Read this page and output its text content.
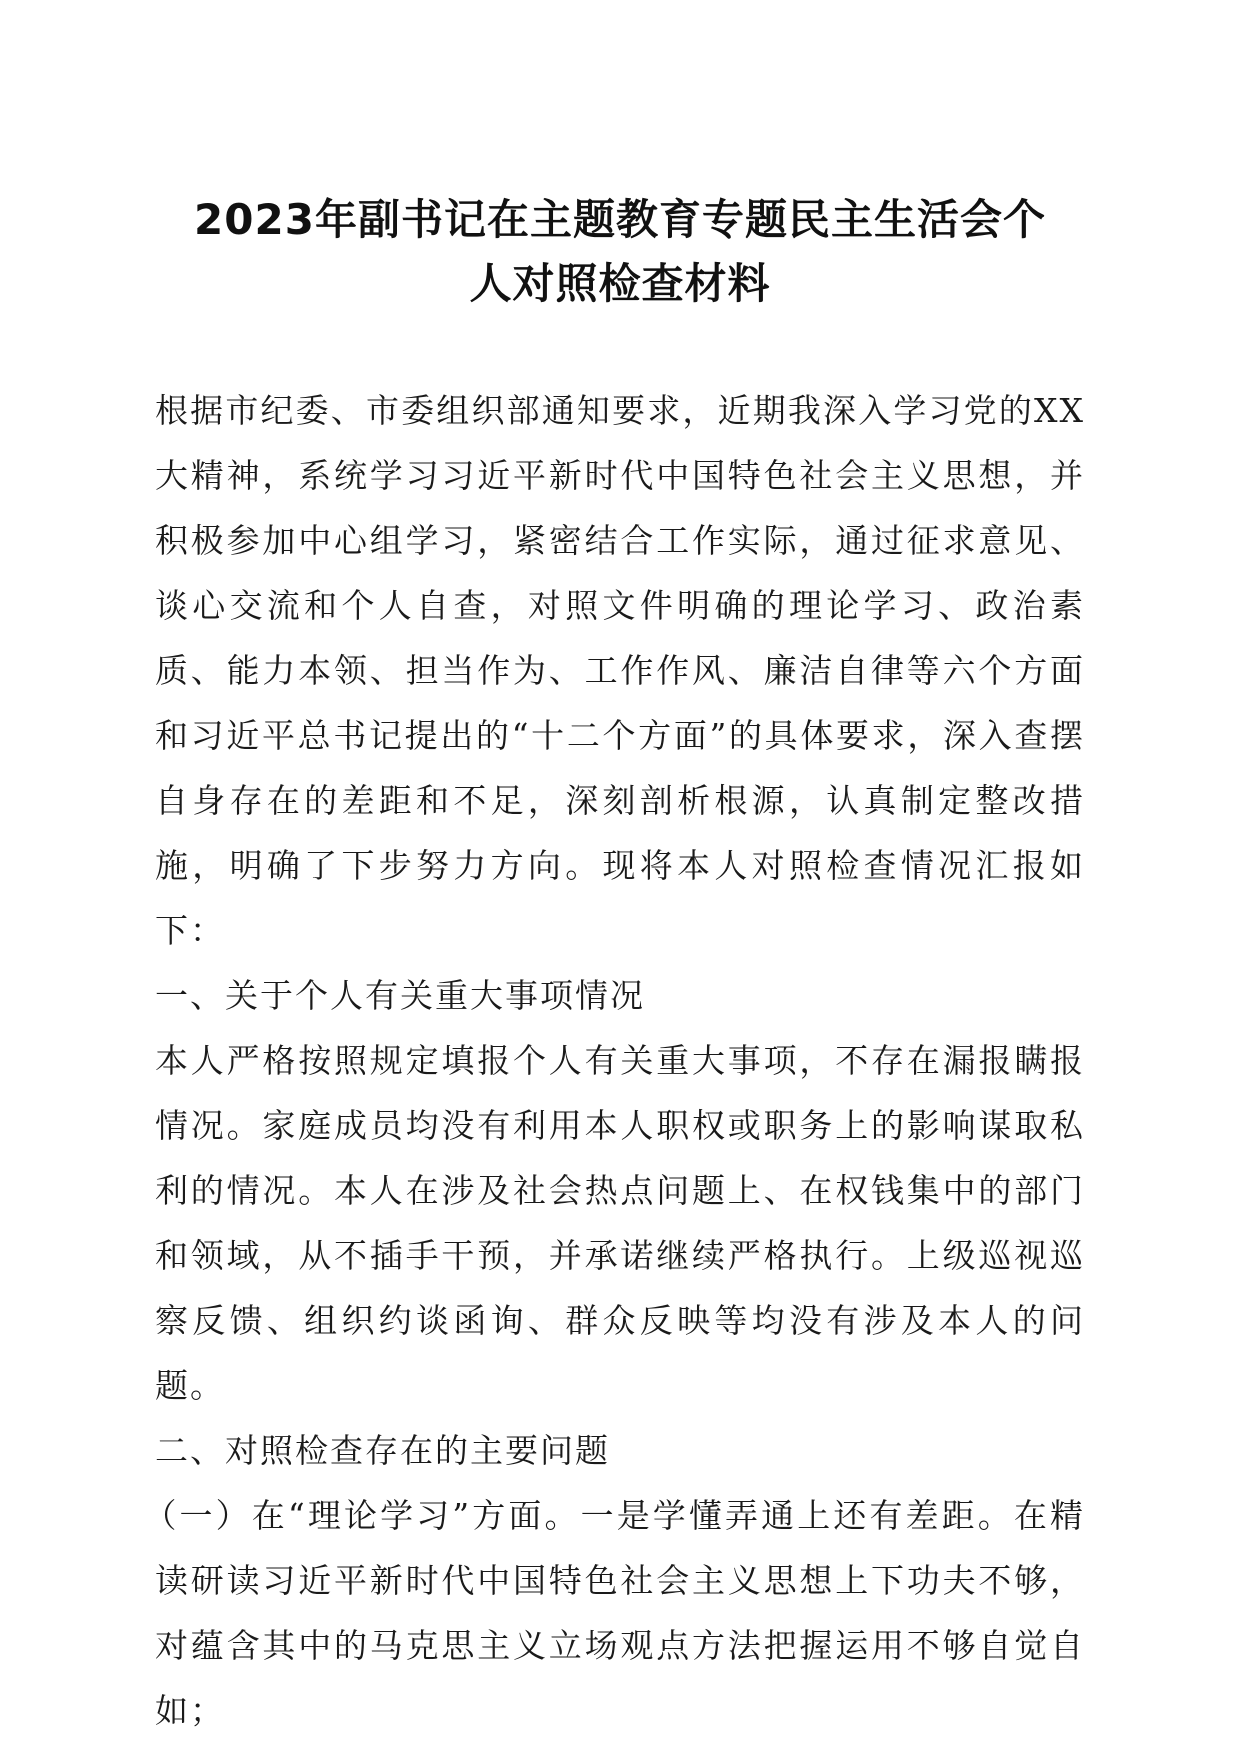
2023年副书记在主题教育专题民主生活会个
人对照检查材料

根据市纪委、市委组织部通知要求，近期我深入学习党的XX大精神，系统学习习近平新时代中国特色社会主义思想，并积极参加中心组学习，紧密结合工作实际，通过征求意见、谈心交流和个人自查，对照文件明确的理论学习、政治素质、能力本领、担当作为、工作作风、廉洁自律等六个方面和习近平总书记提出的“十二个方面”的具体要求，深入查摆自身存在的差距和不足，深刻剖析根源，认真制定整改措施，明确了下步努力方向。现将本人对照检查情况汇报如下：

一、关于个人有关重大事项情况

本人严格按照规定填报个人有关重大事项，不存在漏报瞒报情况。家庭成员均没有利用本人职权或职务上的影响谋取私利的情况。本人在涉及社会热点问题上、在权钱集中的部门和领域，从不插手干预，并承诺继续严格执行。上级巡视巡察反馈、组织约谈函询、群众反映等均没有涉及本人的问题。

二、对照检查存在的主要问题

（一）在“理论学习”方面。一是学懂弄通上还有差距。在精读研读习近平新时代中国特色社会主义思想上下功夫不够，对蕴含其中的马克思主义立场观点方法把握运用不够自觉自如；
